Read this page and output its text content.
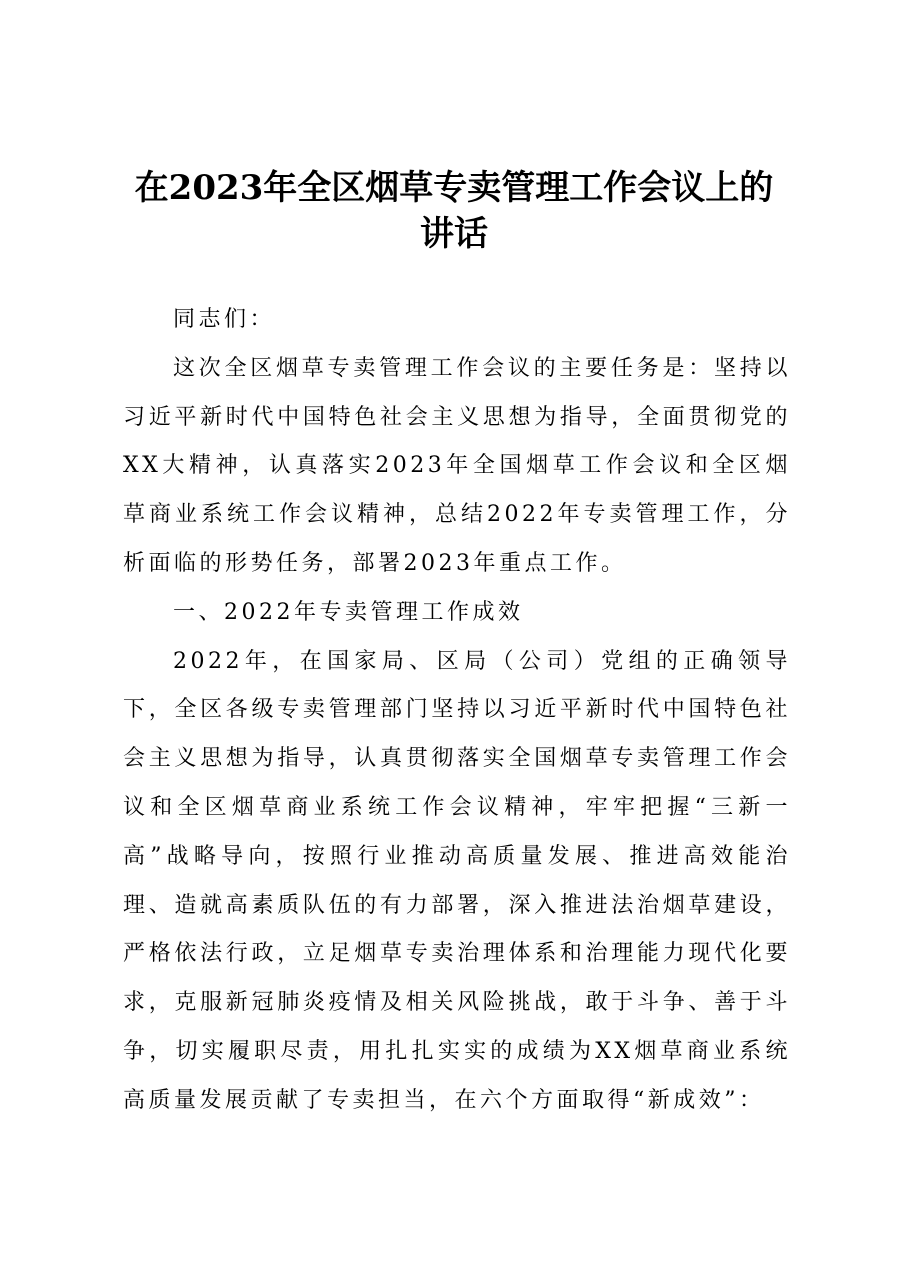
在2023年全区烟草专卖管理工作会议上的讲话

同志们：

这次全区烟草专卖管理工作会议的主要任务是：坚持以习近平新时代中国特色社会主义思想为指导，全面贯彻党的XX大精神，认真落实2023年全国烟草工作会议和全区烟草商业系统工作会议精神，总结2022年专卖管理工作，分析面临的形势任务，部署2023年重点工作。

一、2022年专卖管理工作成效

2022年，在国家局、区局（公司）党组的正确领导下，全区各级专卖管理部门坚持以习近平新时代中国特色社会主义思想为指导，认真贯彻落实全国烟草专卖管理工作会议和全区烟草商业系统工作会议精神，牢牢把握“三新一高”战略导向，按照行业推动高质量发展、推进高效能治理、造就高素质队伍的有力部署，深入推进法治烟草建设，严格依法行政，立足烟草专卖治理体系和治理能力现代化要求，克服新冠肺炎疫情及相关风险挑战，敢于斗争、善于斗争，切实履职尽责，用扎扎实实的成绩为XX烟草商业系统高质量发展贡献了专卖担当，在六个方面取得“新成效”：
